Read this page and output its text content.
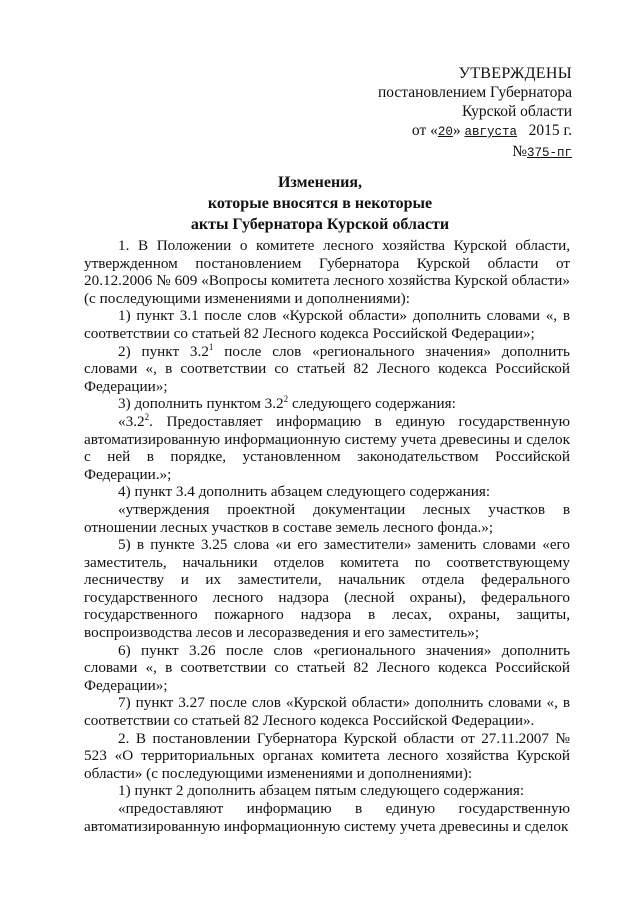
УТВЕРЖДЕНЫ
постановлением Губернатора
Курской области
от «20» августа 2015 г.
№375-пг
Изменения,
которые вносятся в некоторые
акты Губернатора Курской области

1. В Положении о комитете лесного хозяйства Курской области, утвержденном постановлением Губернатора Курской области от 20.12.2006 № 609 «Вопросы комитета лесного хозяйства Курской области» (с последующими изменениями и дополнениями):

1) пункт 3.1 после слов «Курской области» дополнить словами «, в соответствии со статьей 82 Лесного кодекса Российской Федерации»;

2) пункт $3.2^1$ после слов «регионального значения» дополнить словами «, в соответствии со статьей 82 Лесного кодекса Российской Федерации»;

3) дополнить пунктом $3.2^2$ следующего содержания:

«$3.2^2$. Предоставляет информацию в единую государственную автоматизированную информационную систему учета древесины и сделок с ней в порядке, установленном законодательством Российской Федерации.»;

4) пункт 3.4 дополнить абзацем следующего содержания:

«утверждения проектной документации лесных участков в отношении лесных участков в составе земель лесного фонда.»;

5) в пункте 3.25 слова «и его заместители» заменить словами «его заместитель, начальники отделов комитета по соответствующему лесничеству и их заместители, начальник отдела федерального государственного лесного надзора (лесной охраны), федерального государственного пожарного надзора в лесах, охраны, защиты, воспроизводства лесов и лесоразведения и его заместитель»;

6) пункт 3.26 после слов «регионального значения» дополнить словами «, в соответствии со статьей 82 Лесного кодекса Российской Федерации»;

7) пункт 3.27 после слов «Курской области» дополнить словами «, в соответствии со статьей 82 Лесного кодекса Российской Федерации».

2. В постановлении Губернатора Курской области от 27.11.2007 № 523 «О территориальных органах комитета лесного хозяйства Курской области» (с последующими изменениями и дополнениями):

1) пункт 2 дополнить абзацем пятым следующего содержания:

«предоставляют информацию в единую государственную автоматизированную информационную систему учета древесины и сделок
